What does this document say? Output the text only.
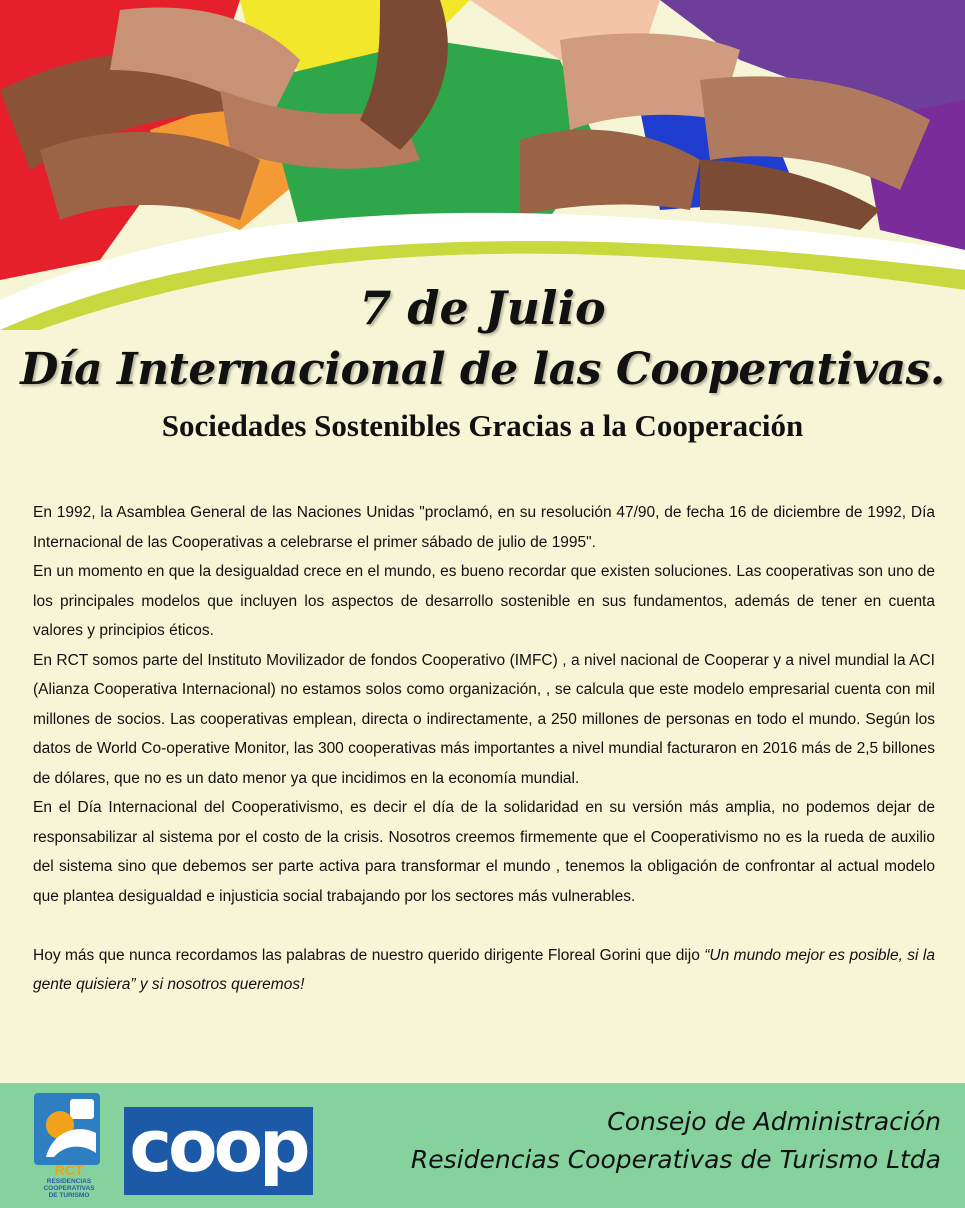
7 de Julio
Día Internacional de las Cooperativas.
Sociedades Sostenibles Gracias a la Cooperación

En 1992, la Asamblea General de las Naciones Unidas "proclamó, en su resolución 47/90, de fecha 16 de diciembre de 1992, Día Internacional de las Cooperativas a celebrarse el primer sábado de julio de 1995".

En un momento en que la desigualdad crece en el mundo, es bueno recordar que existen soluciones. Las cooperativas son uno de los principales modelos que incluyen los aspectos de desarrollo sostenible en sus fundamentos, además de tener en cuenta valores y principios éticos.

En RCT somos parte del Instituto Movilizador de fondos Cooperativo (IMFC) , a nivel nacional de Cooperar y a nivel mundial la ACI (Alianza Cooperativa Internacional) no estamos solos como organización, , se calcula que este modelo empresarial cuenta con mil millones de socios. Las cooperativas emplean, directa o indirectamente, a 250 millones de personas en todo el mundo. Según los datos de World Co-operative Monitor, las 300 cooperativas más importantes a nivel mundial facturaron en 2016 más de 2,5 billones de dólares, que no es un dato menor ya que incidimos en la economía mundial.

En el Día Internacional del Cooperativismo, es decir el día de la solidaridad en su versión más amplia, no podemos dejar de responsabilizar al sistema por el costo de la crisis. Nosotros creemos firmemente que el Cooperativismo no es la rueda de auxilio del sistema sino que debemos ser parte activa para transformar el mundo , tenemos la obligación de confrontar al actual modelo que plantea desigualdad e injusticia social trabajando por los sectores más vulnerables.

Hoy más que nunca recordamos las palabras de nuestro querido dirigente Floreal Gorini que dijo “Un mundo mejor es posible, si la gente quisiera” y si nosotros queremos!

RCT
RESIDENCIAS
COOPERATIVAS
DE TURISMO
coop	Consejo de Administración
Residencias Cooperativas de Turismo Ltda
